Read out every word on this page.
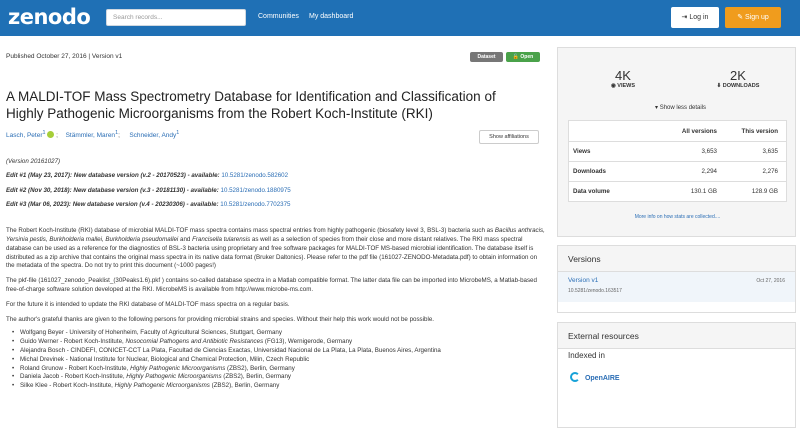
zenodo	Search records...	Communities My dashboard	⇥ Log in	✎ Sign up
Published October 27, 2016 | Version v1	Dataset	🔓 Open
A MALDI-TOF Mass Spectrometry Database for Identification and Classification of Highly Pathogenic Microorganisms from the Robert Koch-Institute (RKI)
Lasch, Peter$^1$  ;  Stämmler, Maren$^1$;   Schneider, Andy$^1$
Show affiliations

(Version 20161027)

Edit #1 (May 23, 2017): New database version (v.2 - 20170523) - available: 10.5281/zenodo.582602

Edit #2 (Nov 30, 2018): New database version (v.3 - 20181130) - available: 10.5281/zenodo.1880975

Edit #3 (Mar 06, 2023): New database version (v.4 - 20230306) - available: 10.5281/zenodo.7702375

The Robert Koch-Institute (RKI) database of microbial MALDI-TOF mass spectra contains mass spectral entries from highly pathogenic (biosafety level 3, BSL-3) bacteria such as Bacillus anthracis, Yersinia pestis, Burkholderia mallei, Burkholderia pseudomallei and Francisella tularensis as well as a selection of species from their close and more distant relatives. The RKI mass spectral database can be used as a reference for the diagnostics of BSL-3 bacteria using proprietary and free software packages for MALDI-TOF MS-based microbial identification. The database itself is distributed as a zip archive that contains the original mass spectra in its native data format (Bruker Daltonics). Please refer to the pdf file (161027-ZENODO-Metadata.pdf) to obtain information on the metadata of the spectra. Do not try to print this document (~1000 pages!)

The pkf-file (161027_zenodo_Peaklist_(30Peaks1.6).pkf ) contains so-called database spectra in a Matlab compatible format. The latter data file can be imported into MicrobeMS, a Matlab-based free-of-charge software solution developed at the RKI. MicrobeMS is available from http://www.microbe-ms.com.

For the future it is intended to update the RKI database of MALDI-TOF mass spectra on a regular basis.

The author's grateful thanks are given to the following persons for providing microbial strains and species. Without their help this work would not be possible.

• Wolfgang Beyer - University of Hohenheim, Faculty of Agricultural Sciences, Stuttgart, Germany
• Guido Werner - Robert Koch-Institute, Nosocomial Pathogens and Antibiotic Resistances (FG13), Wernigerode, Germany
• Alejandra Bosch - CINDEFI, CONICET-CCT La Plata, Facultad de Ciencias Exactas, Universidad Nacional de La Plata, La Plata, Buenos Aires, Argentina
• Michal Drevinek - National Institute for Nuclear, Biological and Chemical Protection, Milin, Czech Republic
• Roland Grunow - Robert Koch-Institute, Highly Pathogenic Microorganisms (ZBS2), Berlin, Germany
• Daniela Jacob - Robert Koch-Institute, Highly Pathogenic Microorganisms (ZBS2), Berlin, Germany
• Silke Klee - Robert Koch-Institute, Highly Pathogenic Microorganisms (ZBS2), Berlin, Germany
4K
◉ VIEWS
2K
⬇ DOWNLOADS
▾ Show less details
All versions	This version
Views	3,653	3,635
Downloads	2,294	2,276
Data volume	130.1 GB	128.9 GB
More info on how stats are collected....
Versions
Version v1
10.5281/zenodo.163517
Oct 27, 2016
External resources
Indexed in
OpenAIRE
